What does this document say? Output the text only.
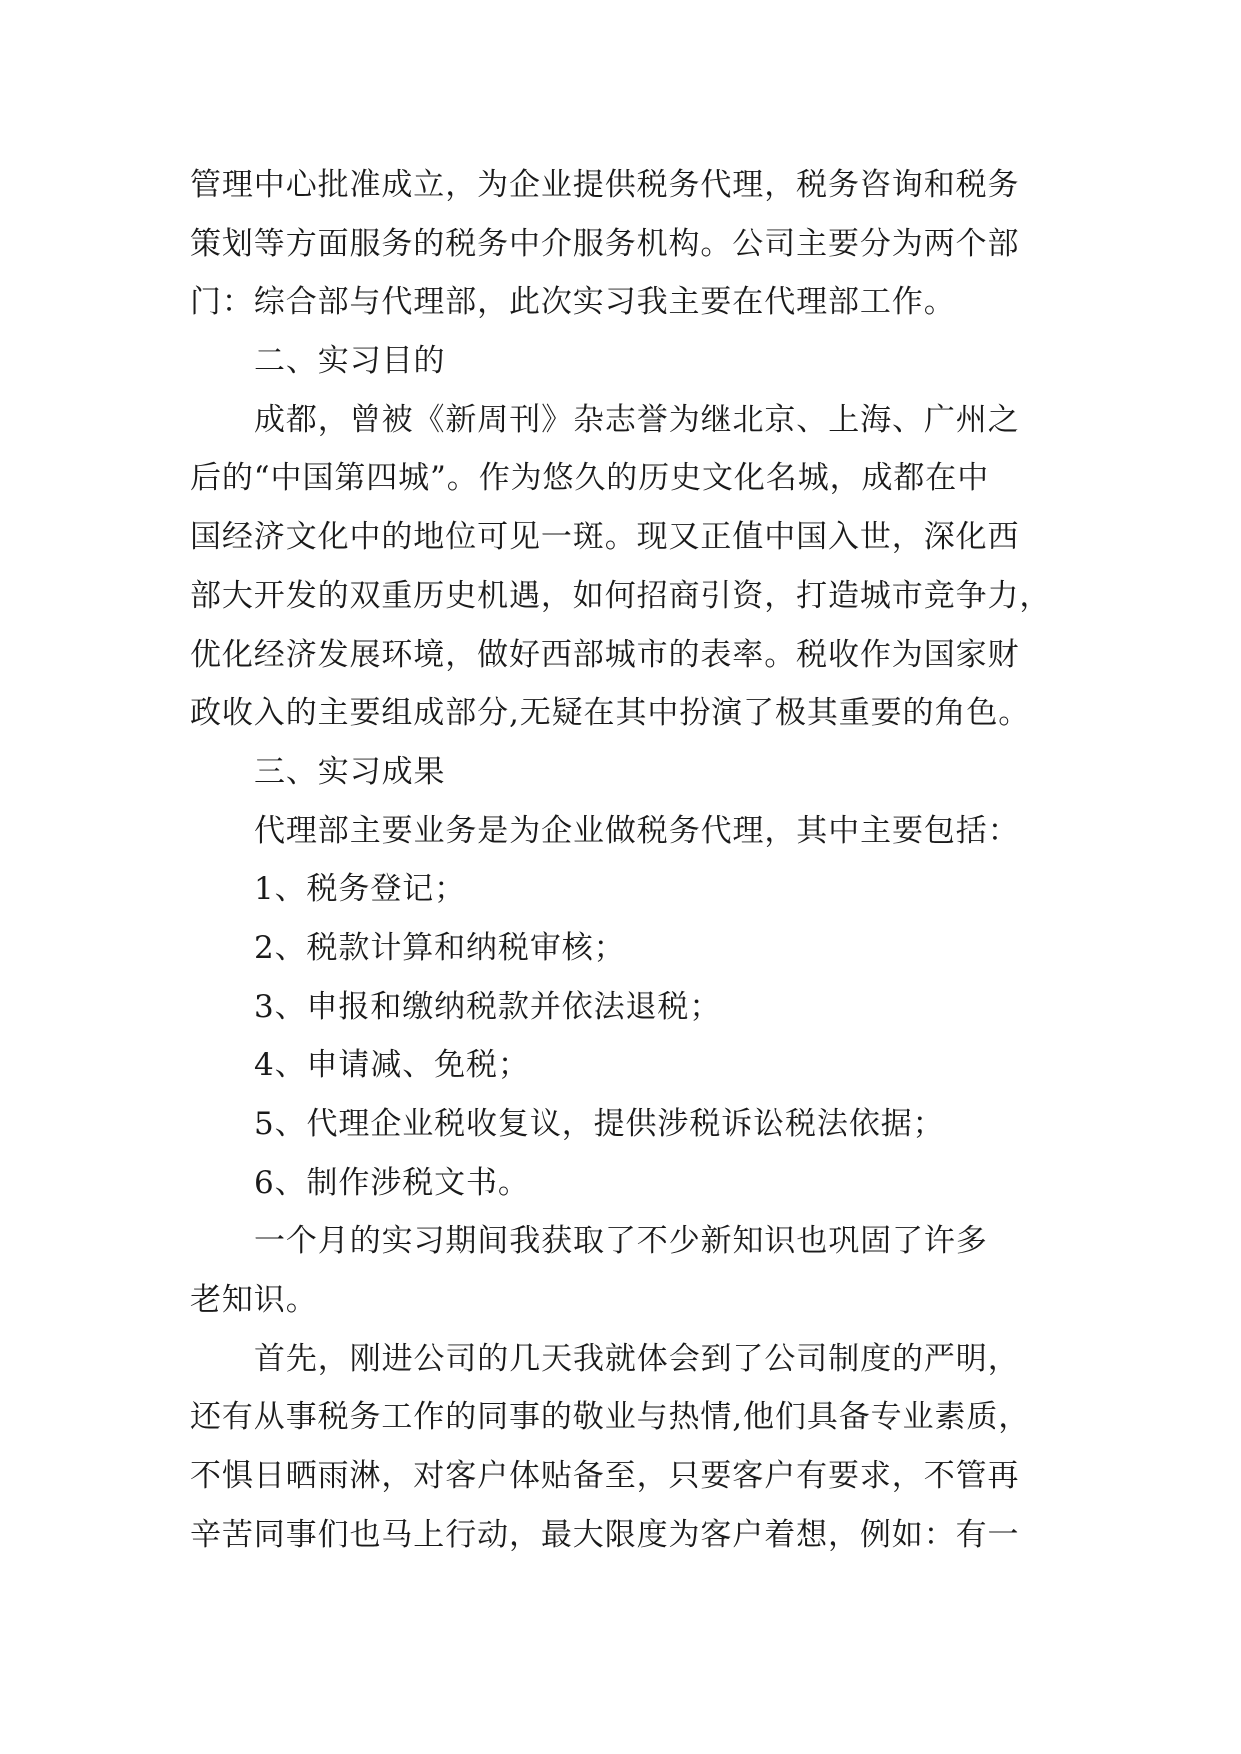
管理中心批准成立，为企业提供税务代理，税务咨询和税务
策划等方面服务的税务中介服务机构。公司主要分为两个部
门：综合部与代理部，此次实习我主要在代理部工作。
二、实习目的
成都，曾被《新周刊》杂志誉为继北京、上海、广州之
后的“中国第四城”。作为悠久的历史文化名城，成都在中
国经济文化中的地位可见一斑。现又正值中国入世，深化西
部大开发的双重历史机遇，如何招商引资，打造城市竞争力，
优化经济发展环境，做好西部城市的表率。税收作为国家财
政收入的主要组成部分,无疑在其中扮演了极其重要的角色。
三、实习成果
代理部主要业务是为企业做税务代理，其中主要包括：
1、税务登记；
2、税款计算和纳税审核；
3、申报和缴纳税款并依法退税；
4、申请减、免税；
5、代理企业税收复议，提供涉税诉讼税法依据；
6、制作涉税文书。
一个月的实习期间我获取了不少新知识也巩固了许多
老知识。
首先，刚进公司的几天我就体会到了公司制度的严明，
还有从事税务工作的同事的敬业与热情,他们具备专业素质，
不惧日晒雨淋，对客户体贴备至，只要客户有要求，不管再
辛苦同事们也马上行动，最大限度为客户着想，例如：有一
